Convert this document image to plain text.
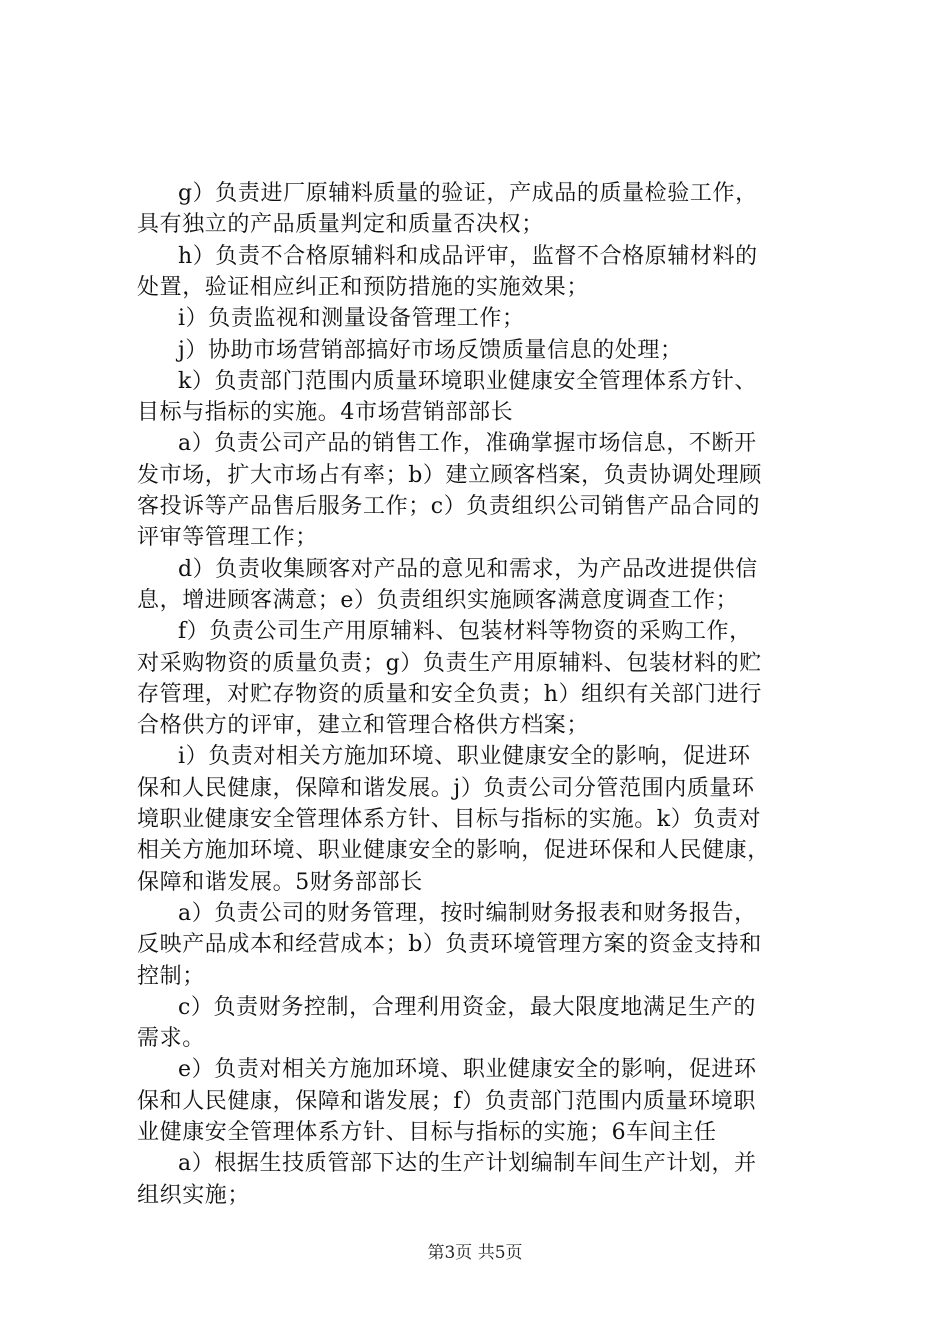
g）负责进厂原辅料质量的验证，产成品的质量检验工作，
具有独立的产品质量判定和质量否决权；
h）负责不合格原辅料和成品评审，监督不合格原辅材料的
处置，验证相应纠正和预防措施的实施效果；
i）负责监视和测量设备管理工作；
j）协助市场营销部搞好市场反馈质量信息的处理；
k）负责部门范围内质量环境职业健康安全管理体系方针、
目标与指标的实施。4市场营销部部长
a）负责公司产品的销售工作，准确掌握市场信息，不断开
发市场，扩大市场占有率；b）建立顾客档案，负责协调处理顾
客投诉等产品售后服务工作；c）负责组织公司销售产品合同的
评审等管理工作；
d）负责收集顾客对产品的意见和需求，为产品改进提供信
息，增进顾客满意；e）负责组织实施顾客满意度调查工作；
f）负责公司生产用原辅料、包装材料等物资的采购工作，
对采购物资的质量负责；g）负责生产用原辅料、包装材料的贮
存管理，对贮存物资的质量和安全负责；h）组织有关部门进行
合格供方的评审，建立和管理合格供方档案；
i）负责对相关方施加环境、职业健康安全的影响，促进环
保和人民健康，保障和谐发展。j）负责公司分管范围内质量环
境职业健康安全管理体系方针、目标与指标的实施。k）负责对
相关方施加环境、职业健康安全的影响，促进环保和人民健康，
保障和谐发展。5财务部部长
a）负责公司的财务管理，按时编制财务报表和财务报告，
反映产品成本和经营成本；b）负责环境管理方案的资金支持和
控制；
c）负责财务控制，合理利用资金，最大限度地满足生产的
需求。
e）负责对相关方施加环境、职业健康安全的影响，促进环
保和人民健康，保障和谐发展；f）负责部门范围内质量环境职
业健康安全管理体系方针、目标与指标的实施；6车间主任
a）根据生技质管部下达的生产计划编制车间生产计划，并
组织实施；
第3页 共5页
